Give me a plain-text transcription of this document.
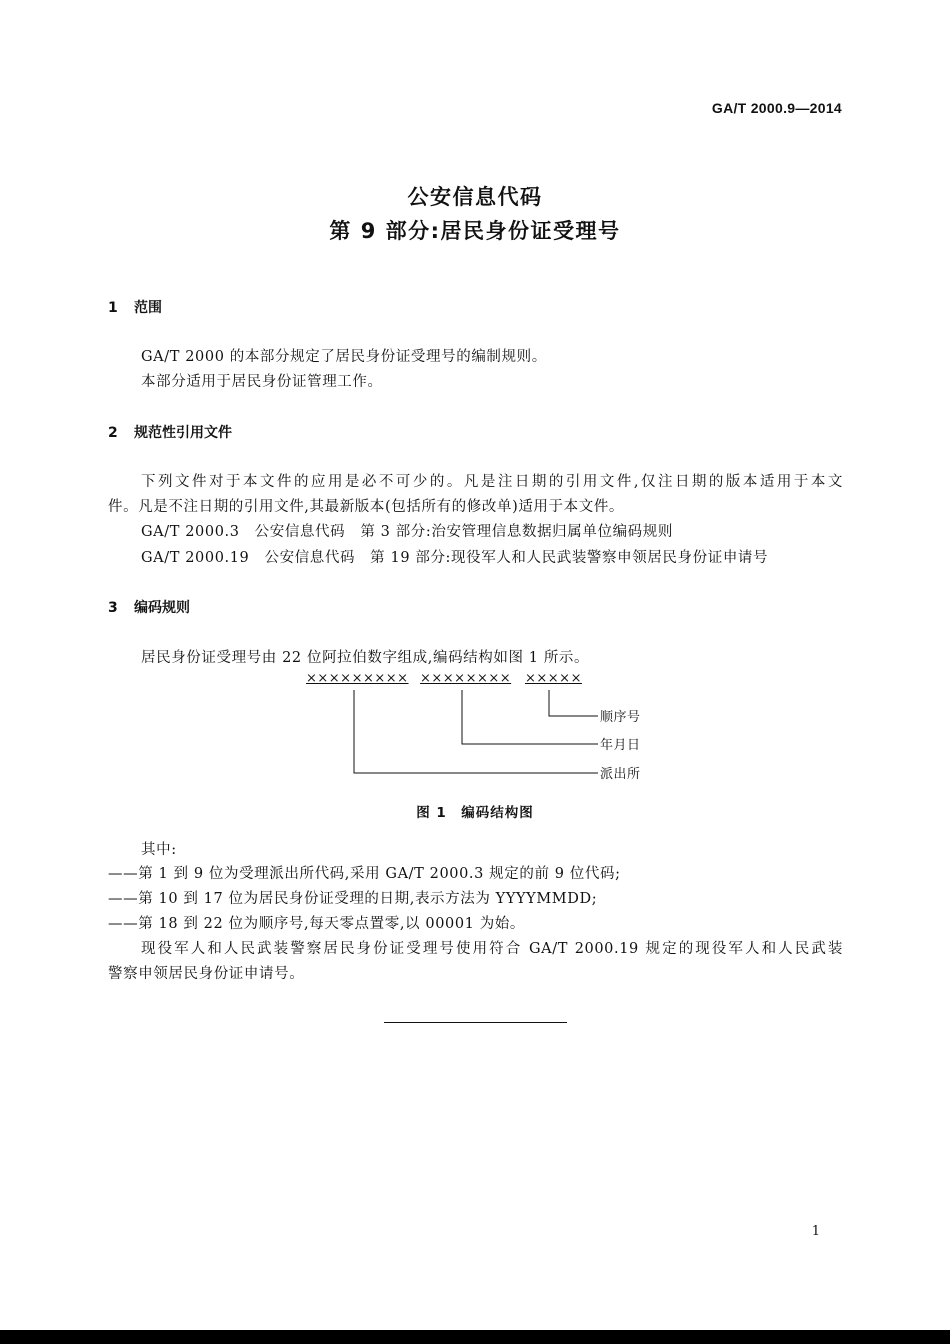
GA/T 2000.9—2014
公安信息代码
第 9 部分:居民身份证受理号
1 范围
GA/T 2000 的本部分规定了居民身份证受理号的编制规则。
本部分适用于居民身份证管理工作。
2 规范性引用文件
下列文件对于本文件的应用是必不可少的。凡是注日期的引用文件,仅注日期的版本适用于本文
件。凡是不注日期的引用文件,其最新版本(包括所有的修改单)适用于本文件。
GA/T 2000.3　公安信息代码　第 3 部分:治安管理信息数据归属单位编码规则
GA/T 2000.19　公安信息代码　第 19 部分:现役军人和人民武装警察申领居民身份证申请号
3 编码规则
居民身份证受理号由 22 位阿拉伯数字组成,编码结构如图 1 所示。
××××××××× ×××××××× ×××××
顺序号
年月日
派出所
图 1　编码结构图
其中:
——第 1 到 9 位为受理派出所代码,采用 GA/T 2000.3 规定的前 9 位代码;
——第 10 到 17 位为居民身份证受理的日期,表示方法为 YYYYMMDD;
——第 18 到 22 位为顺序号,每天零点置零,以 00001 为始。
现役军人和人民武装警察居民身份证受理号使用符合 GA/T 2000.19 规定的现役军人和人民武装
警察申领居民身份证申请号。
1
